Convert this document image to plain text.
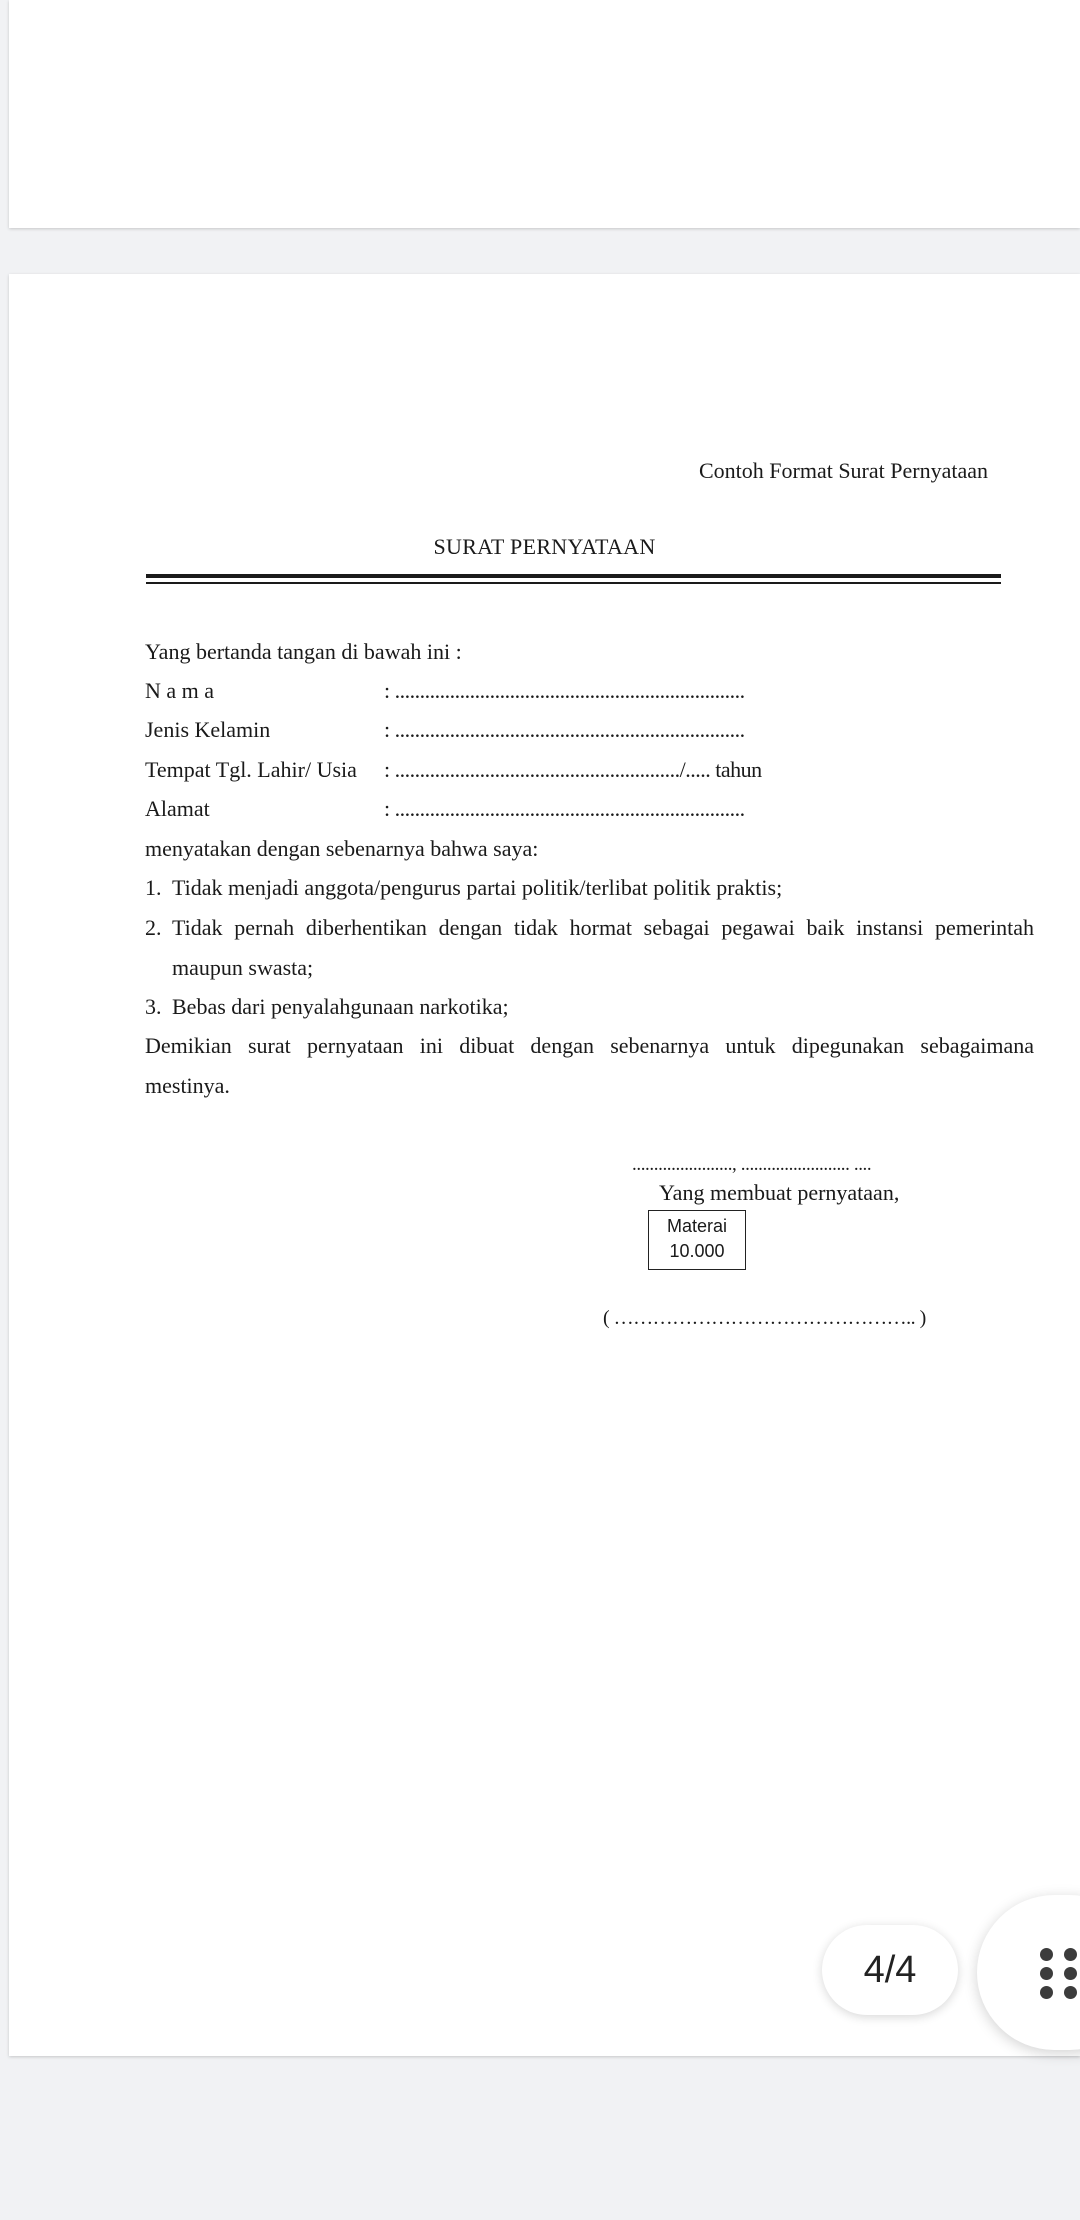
Contoh Format Surat Pernyataan
SURAT PERNYATAAN
Yang bertanda tangan di bawah ini :
N a m a	: ......................................................................
Jenis Kelamin	: ......................................................................
Tempat Tgl. Lahir/ Usia : ........................................................./..... tahun
Alamat	: ......................................................................
menyatakan dengan sebenarnya bahwa saya:
1. Tidak menjadi anggota/pengurus partai politik/terlibat politik praktis;
2. Tidak pernah diberhentikan dengan tidak hormat sebagai pegawai baik instansi pemerintah
maupun swasta;
3. Bebas dari penyalahgunaan narkotika;
Demikian surat pernyataan ini dibuat dengan sebenarnya untuk dipegunakan sebagaimana
mestinya.
......................., ......................... ....
Yang membuat pernyataan,
Materai
10.000
( ……………………………………….. )
4/4
